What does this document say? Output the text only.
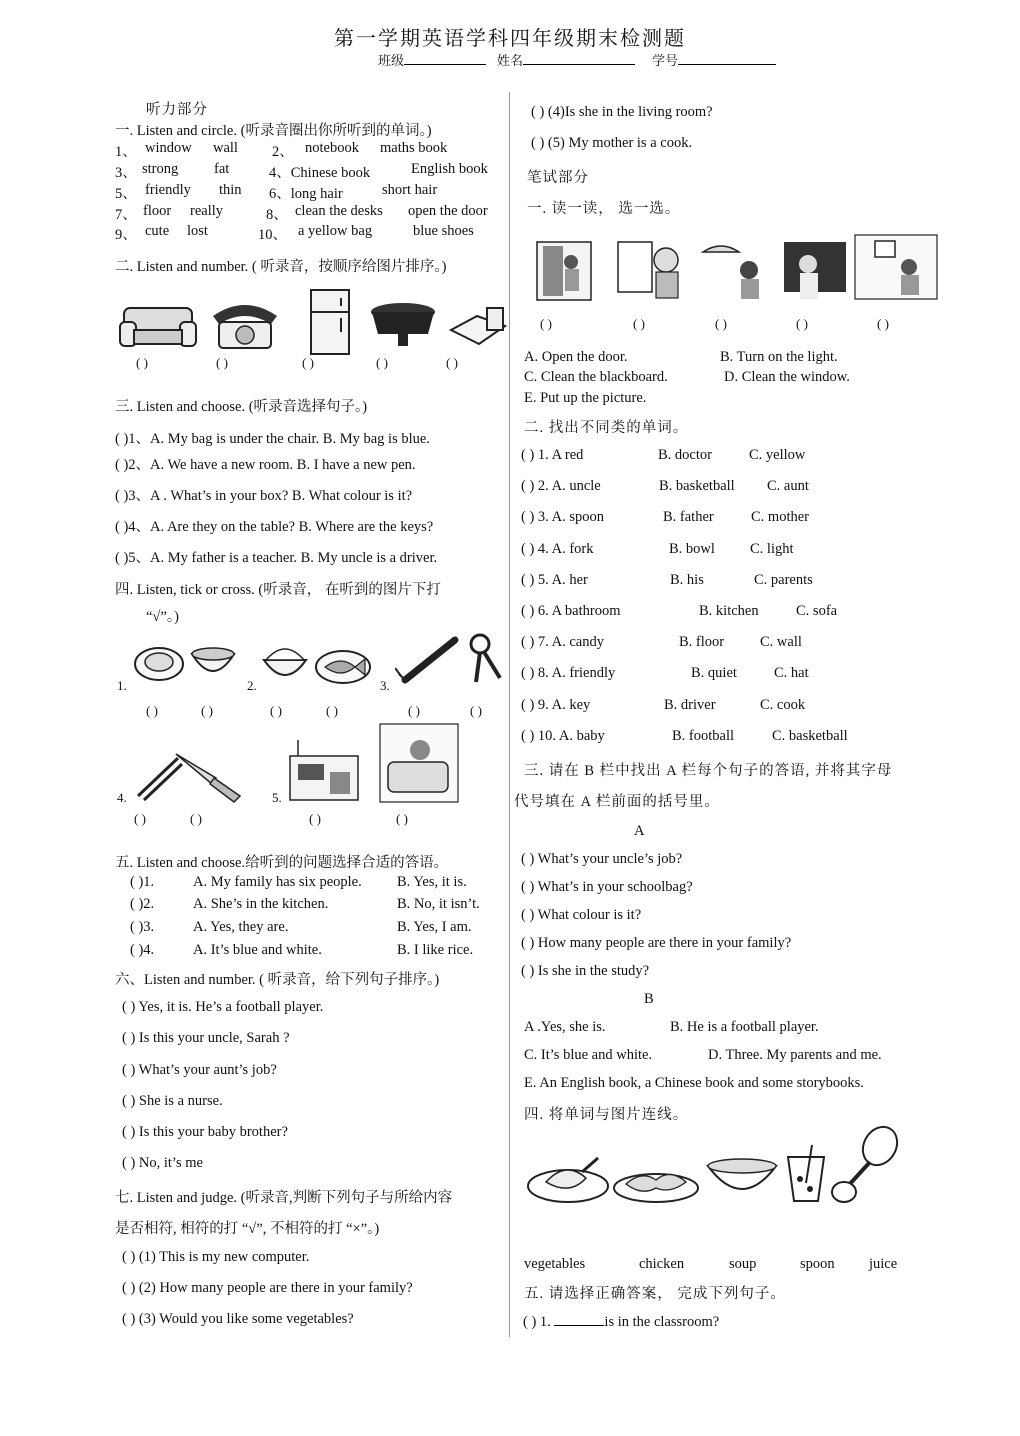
第一学期英语学科四年级期末检测题
班级	姓名	学号
听力部分
一. Listen and circle. (听录音圈出你所听到的单词。)
1、 window wall 2、 notebook maths book
3、 strong fat	4、Chinese book	English book
5、 friendly thin 6、long hair	short hair
7、 floor really	8、 clean the desks open the door
9、 cute lost	10、 a yellow bag	blue shoes
二. Listen and number. ( 听录音，按顺序给图片排序。)
( )	( )	( )	( )	( )
三. Listen and choose. (听录音选择句子。)
( )1、A. My bag is under the chair. B. My bag is blue.
( )2、A. We have a new room. B. I have a new pen.
( )3、A . What’s in your box? B. What colour is it?
( )4、A. Are they on the table? B. Where are the keys?
( )5、A. My father is a teacher. B. My uncle is a driver.
四. Listen, tick or cross. (听录音， 在听到的图片下打
“√”。)
1.	2.	3.
( )	( )	( )	( )	( )	( )
4.	5.
( )	( )	( )	( )
五. Listen and choose.给听到的问题选择合适的答语。
( )1.	A. My family has six people. B. Yes, it is.
( )2.	A. She’s in the kitchen.	B. No, it isn’t.
( )3.	A. Yes, they are.	B. Yes, I am.
( )4.	A. It’s blue and white.	B. I like rice.
六、Listen and number. ( 听录音，给下列句子排序。)
( ) Yes, it is. He’s a football player.
( ) Is this your uncle, Sarah ?
( ) What’s your aunt’s job?
( ) She is a nurse.
( ) Is this your baby brother?
( ) No, it’s me
七. Listen and judge. (听录音,判断下列句子与所给内容
是否相符, 相符的打 “√”, 不相符的打 “×”。)
( ) (1) This is my new computer.
( ) (2) How many people are there in your family?
( ) (3) Would you like some vegetables?
( ) (4)Is she in the living room?
( ) (5) My mother is a cook.
笔试部分
一. 读一读， 选一选。
( )	( )	( )	( )	( )
A. Open the door.	B. Turn on the light.
C. Clean the blackboard.	D. Clean the window.
E. Put up the picture.
二. 找出不同类的单词。
( ) 1. A red	B. doctor	C. yellow
( ) 2. A. uncle	B. basketball C. aunt
( ) 3. A. spoon	B. father	C. mother
( ) 4. A. fork	B. bowl C. light
( ) 5. A. her	B. his	C. parents
( ) 6. A bathroom	B. kitchen	C. sofa
( ) 7. A. candy	B. floor C. wall
( ) 8. A. friendly	B. quiet	C. hat
( ) 9. A. key	B. driver	C. cook
( ) 10. A. baby	B. football	C. basketball
三. 请在 B 栏中找出 A 栏每个句子的答语, 并将其字母
代号填在 A 栏前面的括号里。
A
( ) What’s your uncle’s job?
( ) What’s in your schoolbag?
( ) What colour is it?
( ) How many people are there in your family?
( ) Is she in the study?
B
A .Yes, she is.	B. He is a football player.
C. It’s blue and white.	D. Three. My parents and me.
E. An English book, a Chinese book and some storybooks.
四. 将单词与图片连线。
vegetables	chicken	soup	spoon juice
五. 请选择正确答案， 完成下列句子。
( ) 1.	is in the classroom?
